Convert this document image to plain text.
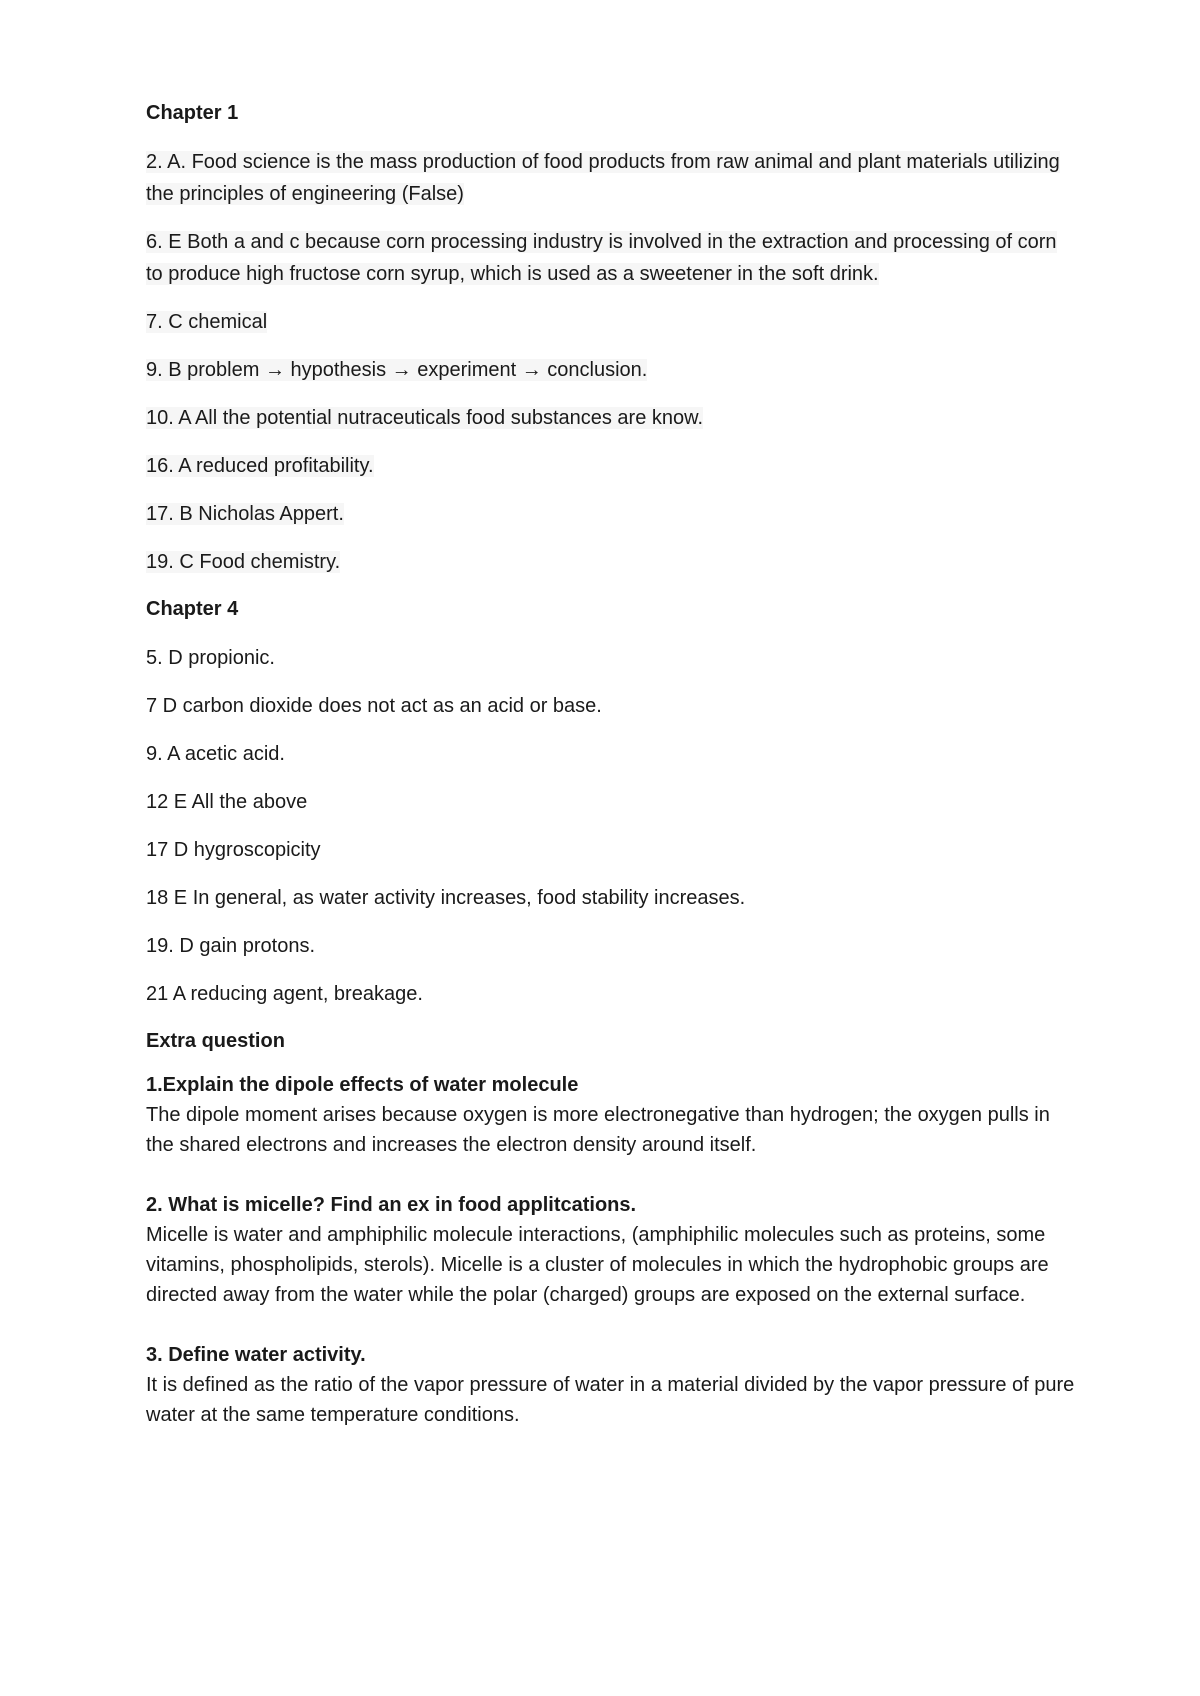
Chapter 1
2. A. Food science is the mass production of food products from raw animal and plant materials utilizing the principles of engineering (False)
6. E Both a and c because corn processing industry is involved in the extraction and processing of corn to produce high fructose corn syrup, which is used as a sweetener in the soft drink.
7. C chemical
9. B problem → hypothesis → experiment → conclusion.
10. A All the potential nutraceuticals food substances are know.
16. A reduced profitability.
17. B Nicholas Appert.
19. C Food chemistry.
Chapter 4
5. D propionic.
7 D carbon dioxide does not act as an acid or base.
9. A acetic acid.
12 E All the above
17 D hygroscopicity
18 E In general, as water activity increases, food stability increases.
19. D gain protons.
21 A reducing agent, breakage.
Extra question

1.Explain the dipole effects of water molecule

The dipole moment arises because oxygen is more electronegative than hydrogen; the oxygen pulls in the shared electrons and increases the electron density around itself.

2. What is micelle? Find an ex in food applitcations.

Micelle is water and amphiphilic molecule interactions, (amphiphilic molecules such as proteins, some vitamins, phospholipids, sterols). Micelle is a cluster of molecules in which the hydrophobic groups are directed away from the water while the polar (charged) groups are exposed on the external surface.

3. Define water activity.

It is defined as the ratio of the vapor pressure of water in a material divided by the vapor pressure of pure water at the same temperature conditions.
